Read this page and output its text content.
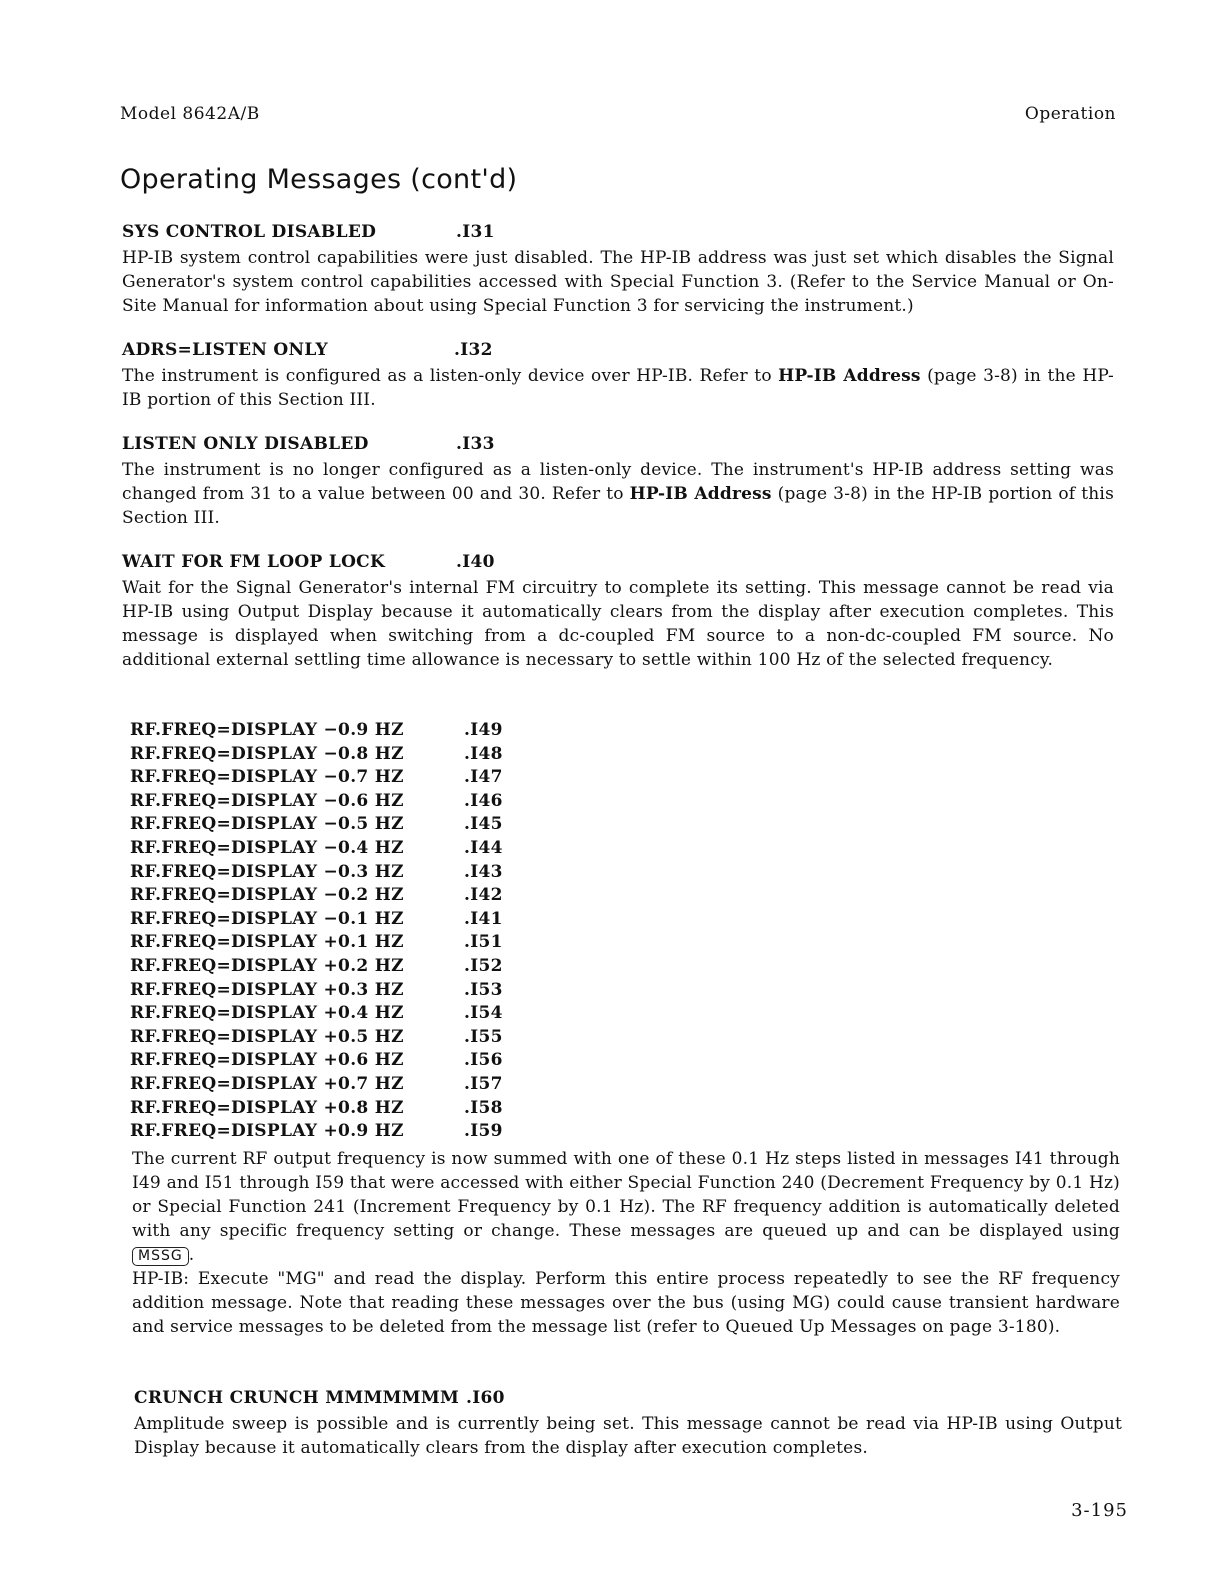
Model 8642A/B	Operation
Operating Messages (cont'd)
SYS CONTROL DISABLED	.I31
HP-IB system control capabilities were just disabled. The HP-IB address was just set which disables the Signal Generator's system control capabilities accessed with Special Function 3. (Refer to the Service Manual or On-Site Manual for information about using Special Function 3 for servicing the instrument.)
ADRS=LISTEN ONLY	.I32
The instrument is configured as a listen-only device over HP-IB. Refer to HP-IB Address (page 3-8) in the HP-IB portion of this Section III.
LISTEN ONLY DISABLED	.I33
The instrument is no longer configured as a listen-only device. The instrument's HP-IB address setting was changed from 31 to a value between 00 and 30. Refer to HP-IB Address (page 3-8) in the HP-IB portion of this Section III.
WAIT FOR FM LOOP LOCK	.I40
Wait for the Signal Generator's internal FM circuitry to complete its setting. This message cannot be read via HP-IB using Output Display because it automatically clears from the display after execution completes. This message is displayed when switching from a dc-coupled FM source to a non-dc-coupled FM source. No additional external settling time allowance is necessary to settle within 100 Hz of the selected frequency.
RF.FREQ=DISPLAY −0.9 HZ	.I49
RF.FREQ=DISPLAY −0.8 HZ	.I48
RF.FREQ=DISPLAY −0.7 HZ	.I47
RF.FREQ=DISPLAY −0.6 HZ	.I46
RF.FREQ=DISPLAY −0.5 HZ	.I45
RF.FREQ=DISPLAY −0.4 HZ	.I44
RF.FREQ=DISPLAY −0.3 HZ	.I43
RF.FREQ=DISPLAY −0.2 HZ	.I42
RF.FREQ=DISPLAY −0.1 HZ	.I41
RF.FREQ=DISPLAY +0.1 HZ	.I51
RF.FREQ=DISPLAY +0.2 HZ	.I52
RF.FREQ=DISPLAY +0.3 HZ	.I53
RF.FREQ=DISPLAY +0.4 HZ	.I54
RF.FREQ=DISPLAY +0.5 HZ	.I55
RF.FREQ=DISPLAY +0.6 HZ	.I56
RF.FREQ=DISPLAY +0.7 HZ	.I57
RF.FREQ=DISPLAY +0.8 HZ	.I58
RF.FREQ=DISPLAY +0.9 HZ	.I59
The current RF output frequency is now summed with one of these 0.1 Hz steps listed in messages I41 through I49 and I51 through I59 that were accessed with either Special Function 240 (Decrement Frequency by 0.1 Hz) or Special Function 241 (Increment Frequency by 0.1 Hz). The RF frequency addition is automatically deleted with any specific frequency setting or change. These messages are queued up and can be displayed using MSSG .
HP-IB: Execute "MG" and read the display. Perform this entire process repeatedly to see the RF frequency addition message. Note that reading these messages over the bus (using MG) could cause transient hardware and service messages to be deleted from the message list (refer to Queued Up Messages on page 3-180).
CRUNCH CRUNCH MMMMMMM .I60
Amplitude sweep is possible and is currently being set. This message cannot be read via HP-IB using Output Display because it automatically clears from the display after execution completes.
3-195
